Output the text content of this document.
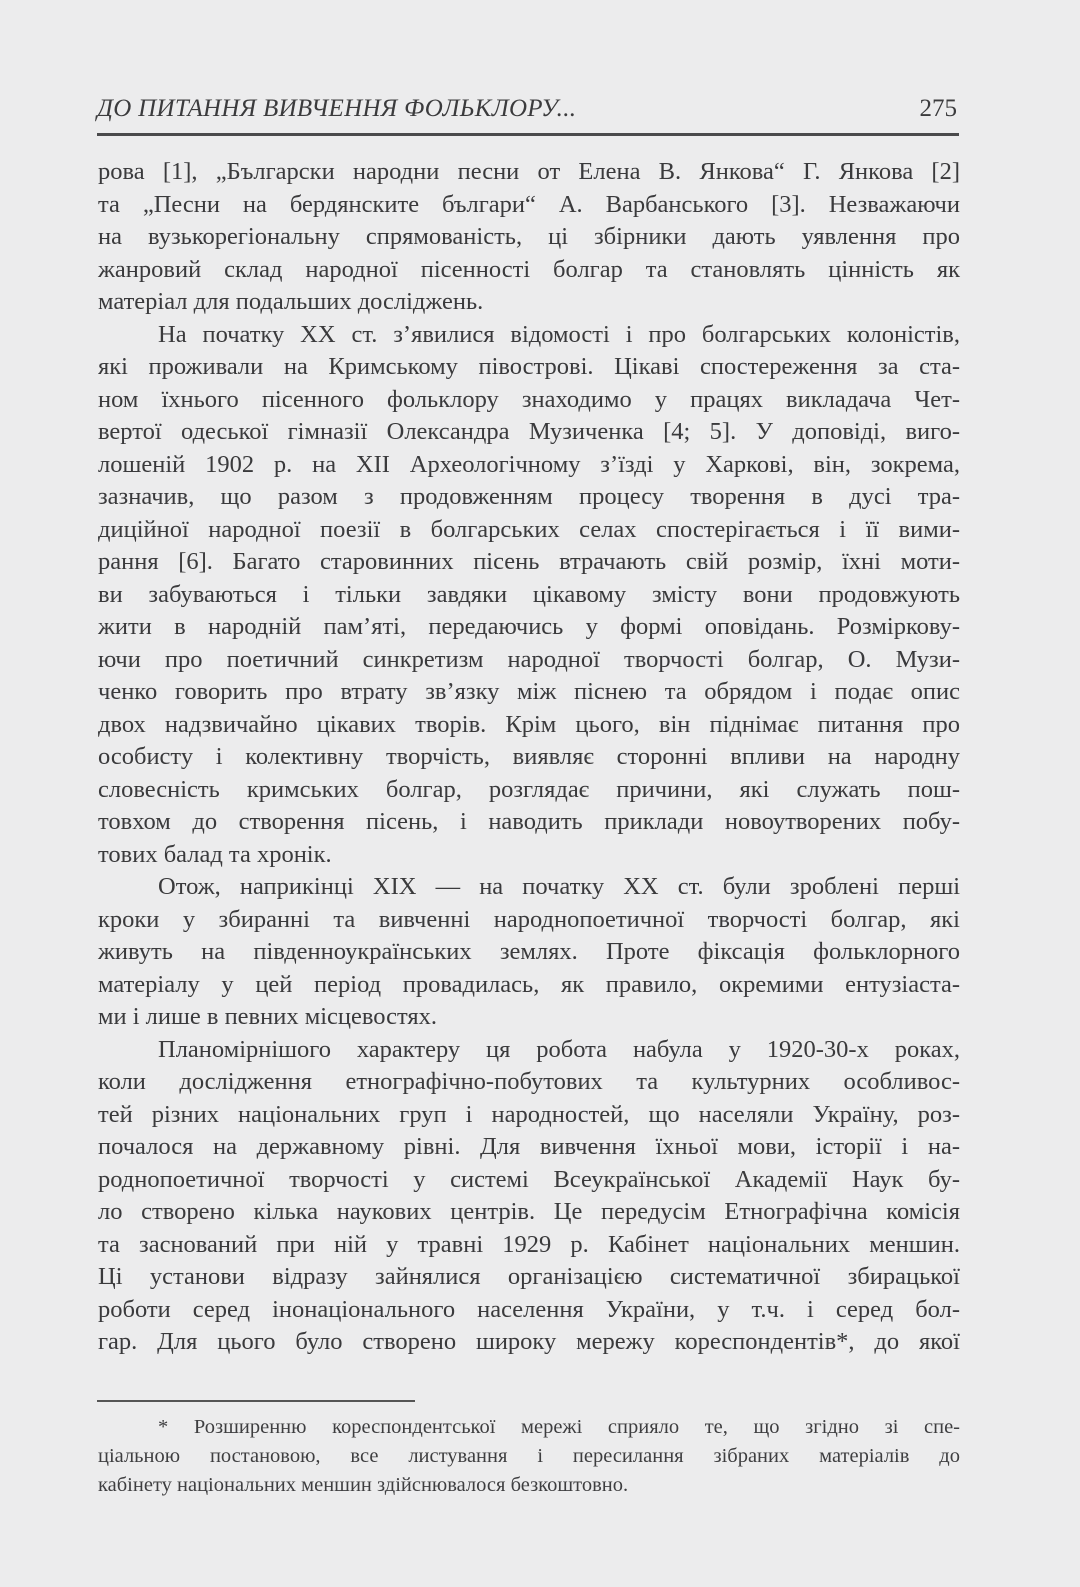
ДО ПИТАННЯ ВИВЧЕННЯ ФОЛЬКЛОРУ...	275
рова [1], „Български народни песни от Елена В. Янкова“ Г. Янкова [2]
та „Песни на бердянските българи“ А. Варбанського [3]. Незважаючи
на вузькорегіональну спрямованість, ці збірники дають уявлення про
жанровий склад народної пісенності болгар та становлять цінність як
матеріал для подальших досліджень.
На початку XX ст. з’явилися відомості і про болгарських колоністів,
які проживали на Кримському півострові. Цікаві спостереження за ста-
ном їхнього пісенного фольклору знаходимо у працях викладача Чет-
вертої одеської гімназії Олександра Музиченка [4; 5]. У доповіді, виго-
лошеній 1902 р. на XII Археологічному з’їзді у Харкові, він, зокрема,
зазначив, що разом з продовженням процесу творення в дусі тра-
диційної народної поезії в болгарських селах спостерігається і її вими-
рання [6]. Багато старовинних пісень втрачають свій розмір, їхні моти-
ви забуваються і тільки завдяки цікавому змісту вони продовжують
жити в народній пам’яті, передаючись у формі оповідань. Розміркову-
ючи про поетичний синкретизм народної творчості болгар, О. Музи-
ченко говорить про втрату зв’язку між піснею та обрядом і подає опис
двох надзвичайно цікавих творів. Крім цього, він піднімає питання про
особисту і колективну творчість, виявляє сторонні впливи на народну
словесність кримських болгар, розглядає причини, які служать пош-
товхом до створення пісень, і наводить приклади новоутворених побу-
тових балад та хронік.
Отож, наприкінці XIX — на початку XX ст. були зроблені перші
кроки у збиранні та вивченні народнопоетичної творчості болгар, які
живуть на південноукраїнських землях. Проте фіксація фольклорного
матеріалу у цей період провадилась, як правило, окремими ентузіаста-
ми і лише в певних місцевостях.
Планомірнішого характеру ця робота набула у 1920-30-х роках,
коли дослідження етнографічно-побутових та культурних особливос-
тей різних національних груп і народностей, що населяли Україну, роз-
почалося на державному рівні. Для вивчення їхньої мови, історії і на-
роднопоетичної творчості у системі Всеукраїнської Академії Наук бу-
ло створено кілька наукових центрів. Це передусім Етнографічна комісія
та заснований при ній у травні 1929 р. Кабінет національних меншин.
Ці установи відразу зайнялися організацією систематичної збирацької
роботи серед інонаціонального населення України, у т.ч. і серед бол-
гар. Для цього було створено широку мережу кореспондентів*, до якої
* Розширенню кореспондентської мережі сприяло те, що згідно зі спе-
ціальною постановою, все листування і пересилання зібраних матеріалів до
кабінету національних меншин здійснювалося безкоштовно.
